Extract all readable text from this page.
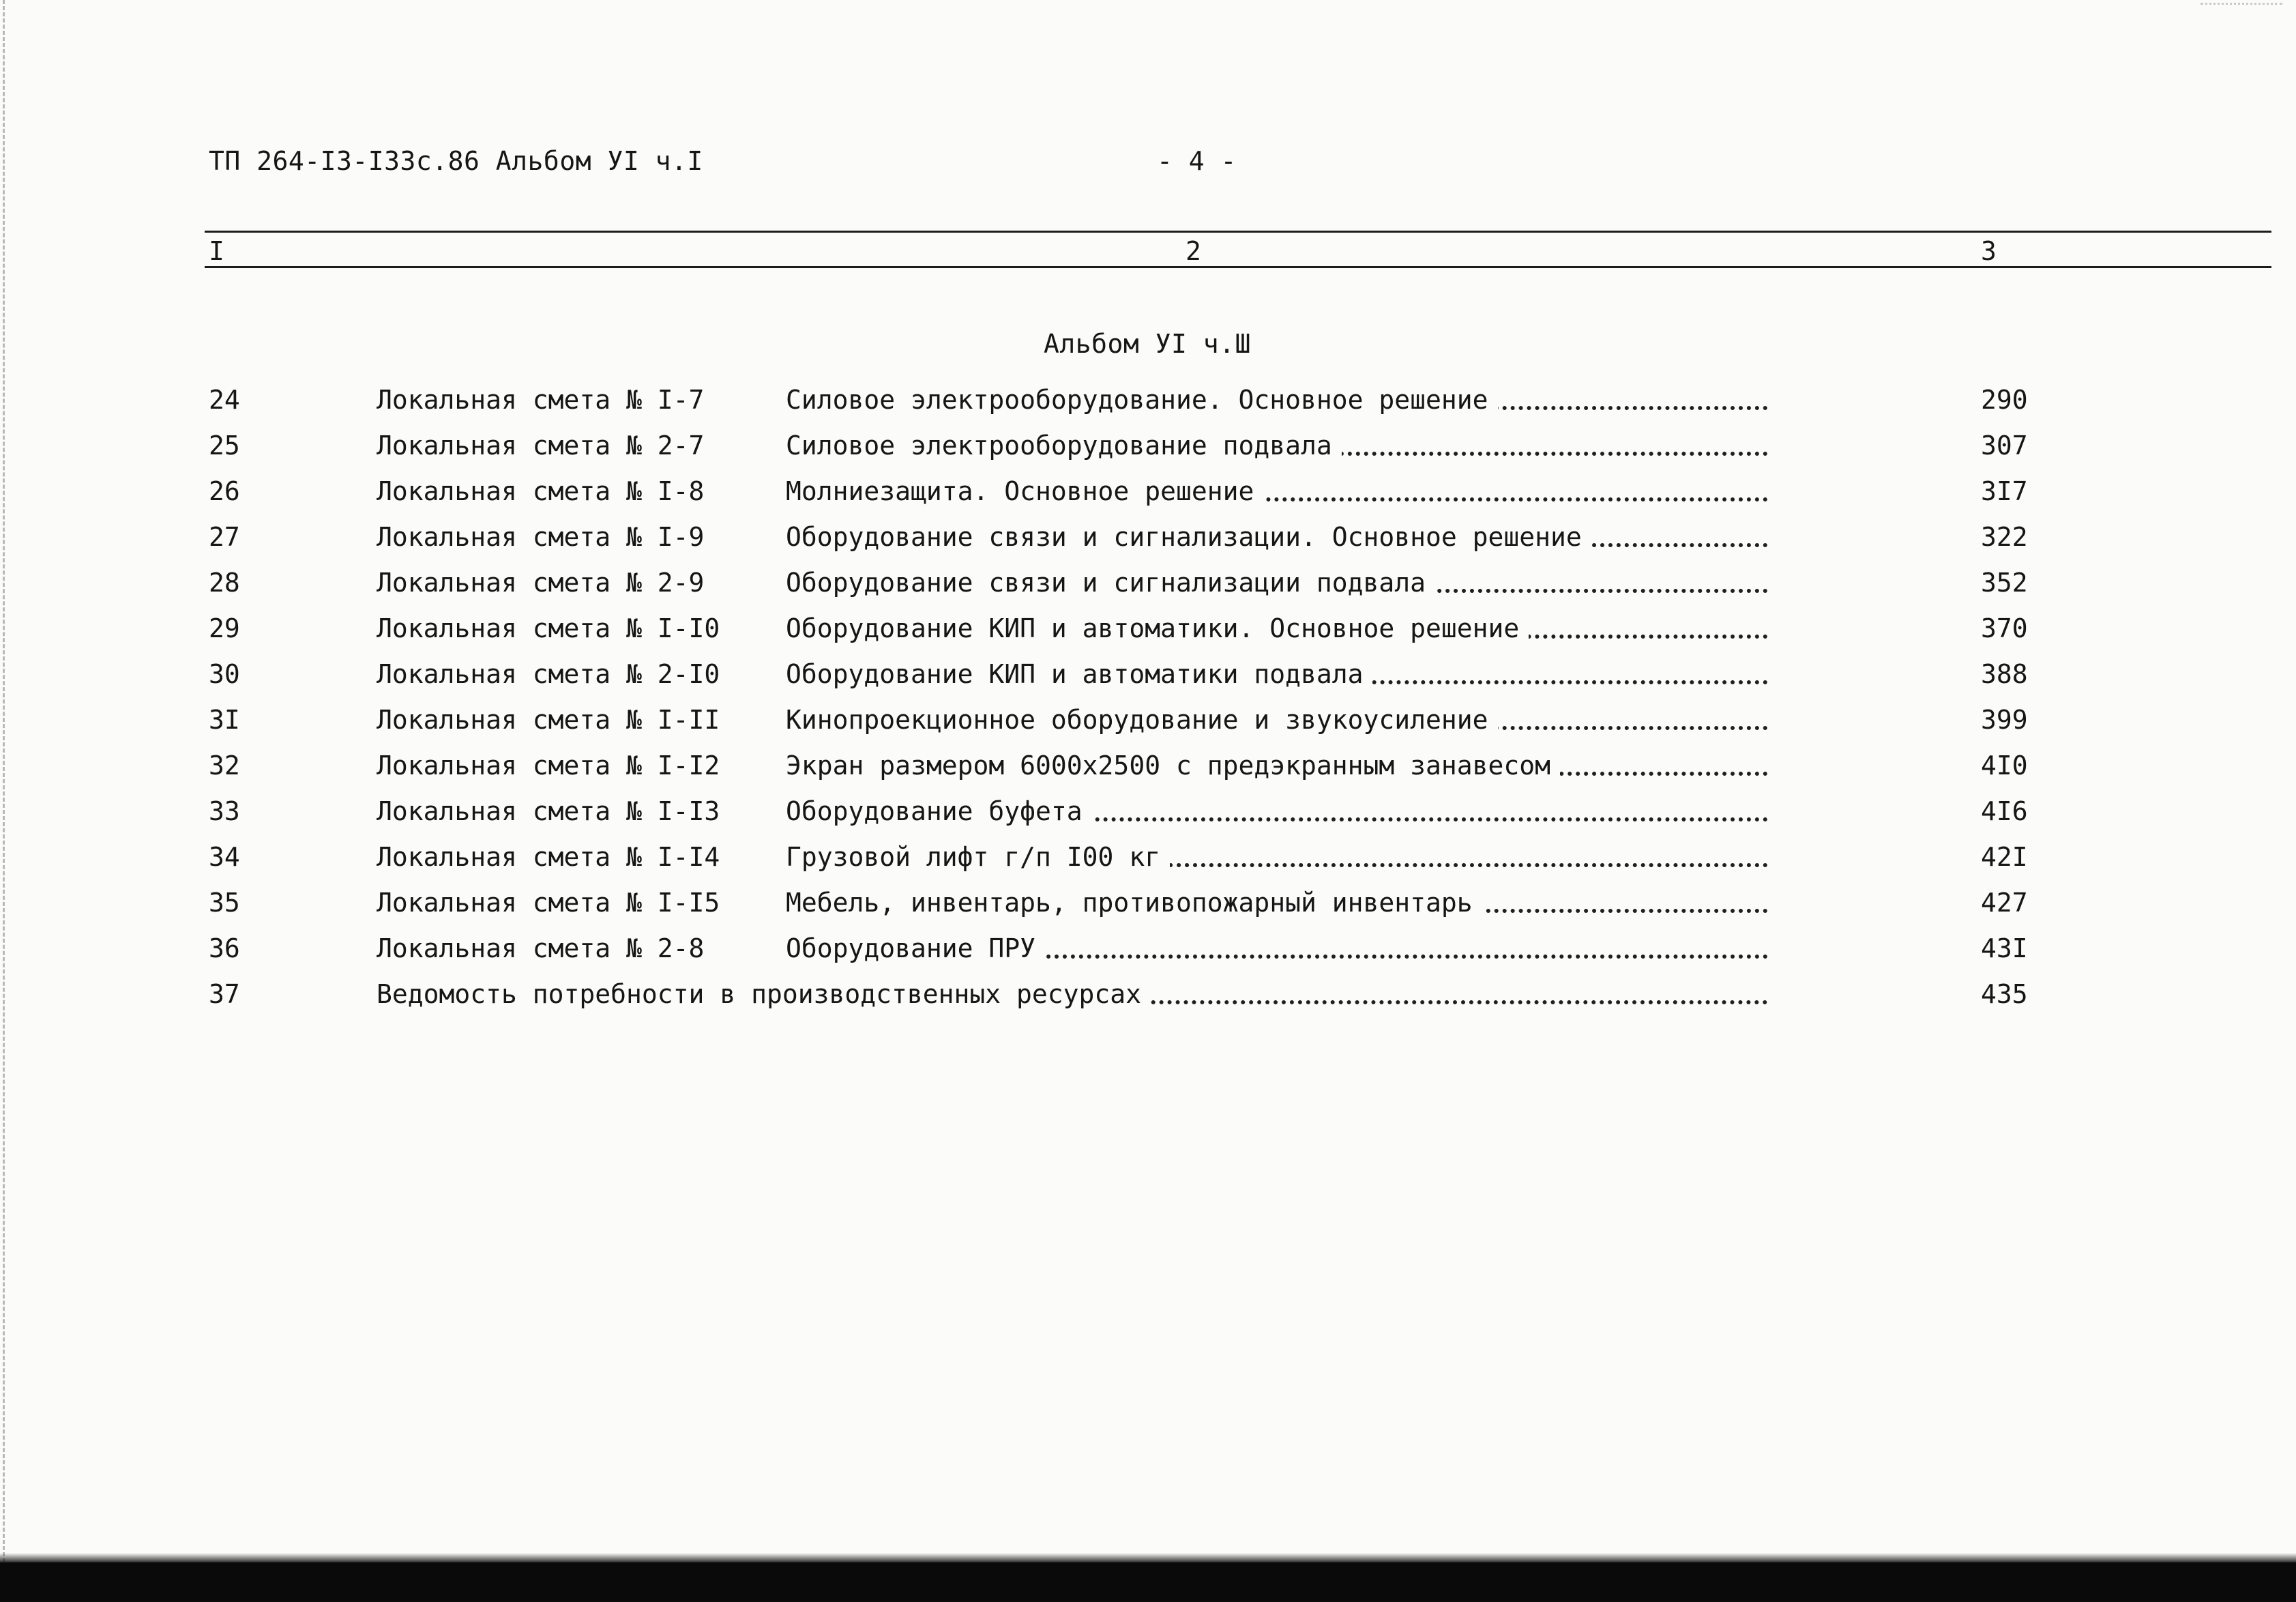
ТП 264-I3-I33с.86 Альбом УI ч.I	- 4 -
I	2	3
Альбом УI ч.Ш
24	Локальная смета № I-7	Силовое электрооборудование. Основное решение	290
25	Локальная смета № 2-7	Силовое электрооборудование подвала	307
26	Локальная смета № I-8	Молниезащита. Основное решение	3I7
27	Локальная смета № I-9	Оборудование связи и сигнализации. Основное решение	322
28	Локальная смета № 2-9	Оборудование связи и сигнализации подвала	352
29	Локальная смета № I-I0	Оборудование КИП и автоматики. Основное решение	370
30	Локальная смета № 2-I0	Оборудование КИП и автоматики подвала	388
3I	Локальная смета № I-II	Кинопроекционное оборудование и звукоусиление	399
32	Локальная смета № I-I2	Экран размером 6000х2500 с предэкранным занавесом	4I0
33	Локальная смета № I-I3	Оборудование буфета	4I6
34	Локальная смета № I-I4	Грузовой лифт г/п I00 кг	42I
35	Локальная смета № I-I5	Мебель, инвентарь, противопожарный инвентарь	427
36	Локальная смета № 2-8	Оборудование ПРУ	43I
37	Ведомость потребности в производственных ресурсах	435
